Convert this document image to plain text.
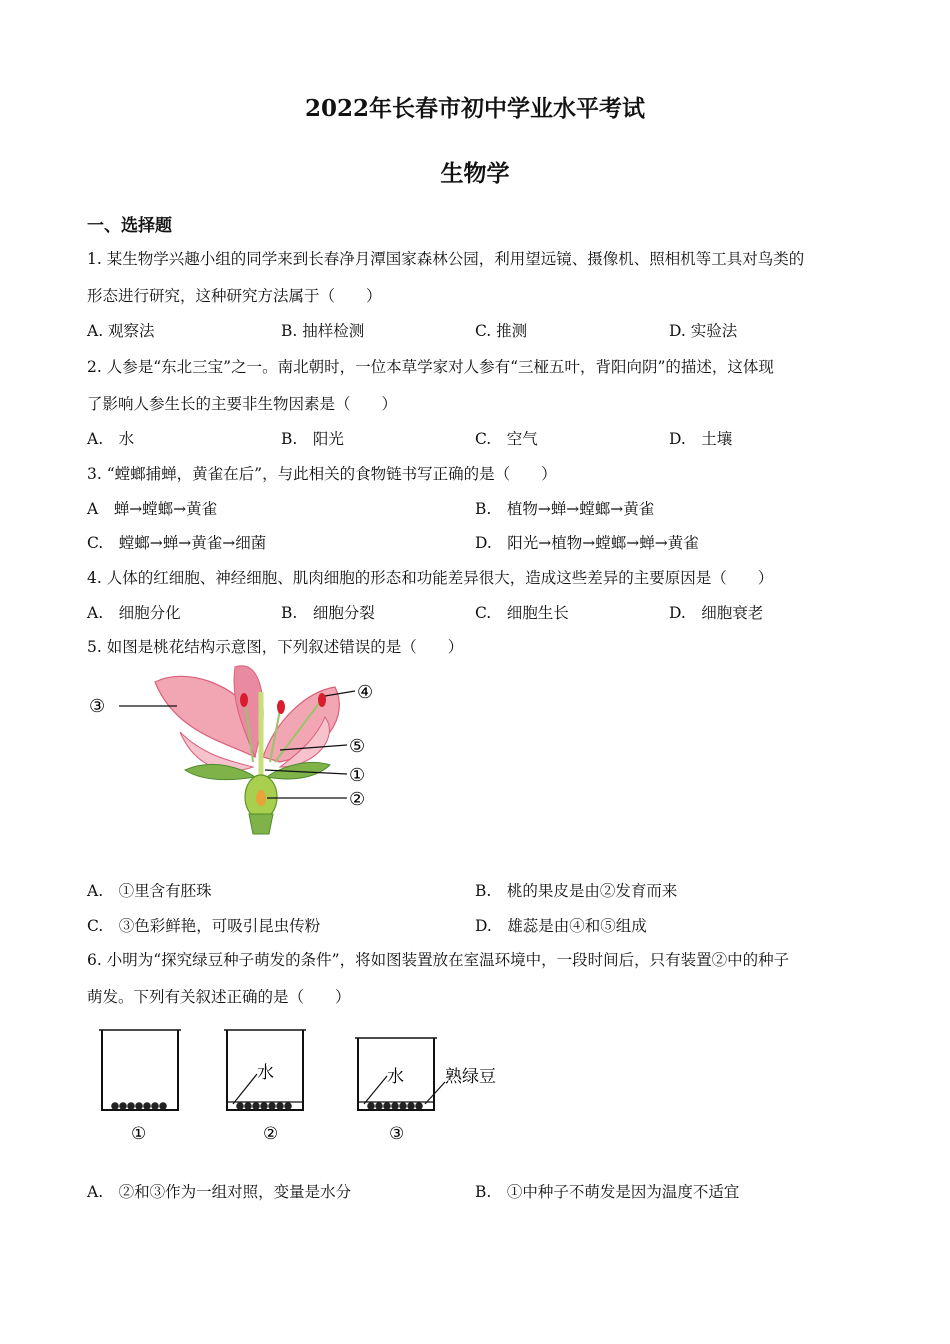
2022年长春市初中学业水平考试
生物学
一、选择题
1. 某生物学兴趣小组的同学来到长春净月潭国家森林公园，利用望远镜、摄像机、照相机等工具对鸟类的
形态进行研究，这种研究方法属于（　　）
A. 观察法	B. 抽样检测	C. 推测	D. 实验法
2. 人参是“东北三宝”之一。南北朝时，一位本草学家对人参有“三桠五叶，背阳向阴”的描述，这体现
了影响人参生长的主要非生物因素是（　　）
A.　水	B.　阳光	C.　空气	D.　土壤
3. “螳螂捕蝉，黄雀在后”，与此相关的食物链书写正确的是（　　）
A　蝉→螳螂→黄雀	B.　植物→蝉→螳螂→黄雀
C.　螳螂→蝉→黄雀→细菌	D.　阳光→植物→螳螂→蝉→黄雀
4. 人体的红细胞、神经细胞、肌肉细胞的形态和功能差异很大，造成这些差异的主要原因是（　　）
A.　细胞分化	B.　细胞分裂	C.　细胞生长	D.　细胞衰老
5. 如图是桃花结构示意图，下列叙述错误的是（　　）
③
④
⑤
①
②
A.　①里含有胚珠	B.　桃的果皮是由②发育而来
C.　③色彩鲜艳，可吸引昆虫传粉	D.　雄蕊是由④和⑤组成
6. 小明为“探究绿豆种子萌发的条件”，将如图装置放在室温环境中，一段时间后，只有装置②中的种子
萌发。下列有关叙述正确的是（　　）
①
水
②
水 熟绿豆
③
A.　②和③作为一组对照，变量是水分	B.　①中种子不萌发是因为温度不适宜
